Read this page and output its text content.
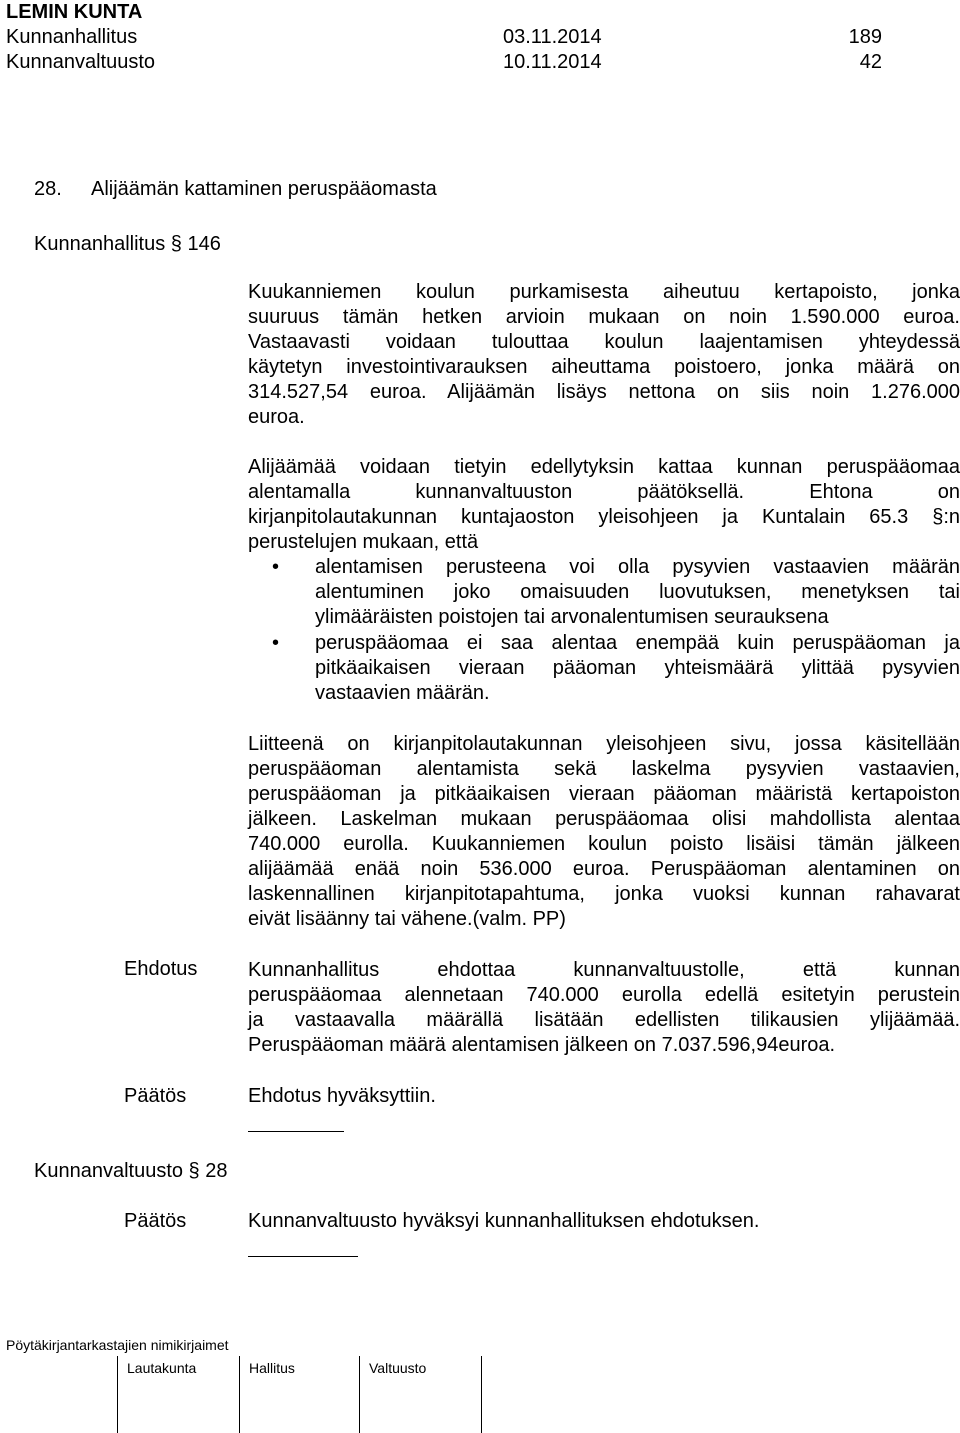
LEMIN KUNTA
Kunnanhallitus	03.11.2014	189
Kunnanvaltuusto	10.11.2014	42
28. Alijäämän kattaminen peruspääomasta
Kunnanhallitus § 146
Kuukanniemen koulun purkamisesta aiheutuu kertapoisto, jonka
suuruus tämän hetken arvioin mukaan on noin 1.590.000 euroa.
Vastaavasti voidaan tulouttaa koulun laajentamisen yhteydessä
käytetyn investointivarauksen aiheuttama poistoero, jonka määrä on
314.527,54 euroa. Alijäämän lisäys nettona on siis noin 1.276.000
euroa.
Alijäämää voidaan tietyin edellytyksin kattaa kunnan peruspääomaa
alentamalla kunnanvaltuuston päätöksellä. Ehtona on
kirjanpitolautakunnan kuntajaoston yleisohjeen ja Kuntalain 65.3 §:n
perustelujen mukaan, että
• alentamisen perusteena voi olla pysyvien vastaavien määrän
alentuminen joko omaisuuden luovutuksen, menetyksen tai
ylimääräisten poistojen tai arvonalentumisen seurauksena
• peruspääomaa ei saa alentaa enempää kuin peruspääoman ja
pitkäaikaisen vieraan pääoman yhteismäärä ylittää pysyvien
vastaavien määrän.
Liitteenä on kirjanpitolautakunnan yleisohjeen sivu, jossa käsitellään
peruspääoman alentamista sekä laskelma pysyvien vastaavien,
peruspääoman ja pitkäaikaisen vieraan pääoman määristä kertapoiston
jälkeen. Laskelman mukaan peruspääomaa olisi mahdollista alentaa
740.000 eurolla. Kuukanniemen koulun poisto lisäisi tämän jälkeen
alijäämää enää noin 536.000 euroa. Peruspääoman alentaminen on
laskennallinen kirjanpitotapahtuma, jonka vuoksi kunnan rahavarat
eivät lisäänny tai vähene.(valm. PP)
Ehdotus	Kunnanhallitus ehdottaa kunnanvaltuustolle, että kunnan
peruspääomaa alennetaan 740.000 eurolla edellä esitetyin perustein
ja vastaavalla määrällä lisätään edellisten tilikausien ylijäämää.
Peruspääoman määrä alentamisen jälkeen on 7.037.596,94euroa.
Päätös	Ehdotus hyväksyttiin.
Kunnanvaltuusto § 28
Päätös	Kunnanvaltuusto hyväksyi kunnanhallituksen ehdotuksen.
Pöytäkirjantarkastajien nimikirjaimet
Lautakunta	Hallitus	Valtuusto
